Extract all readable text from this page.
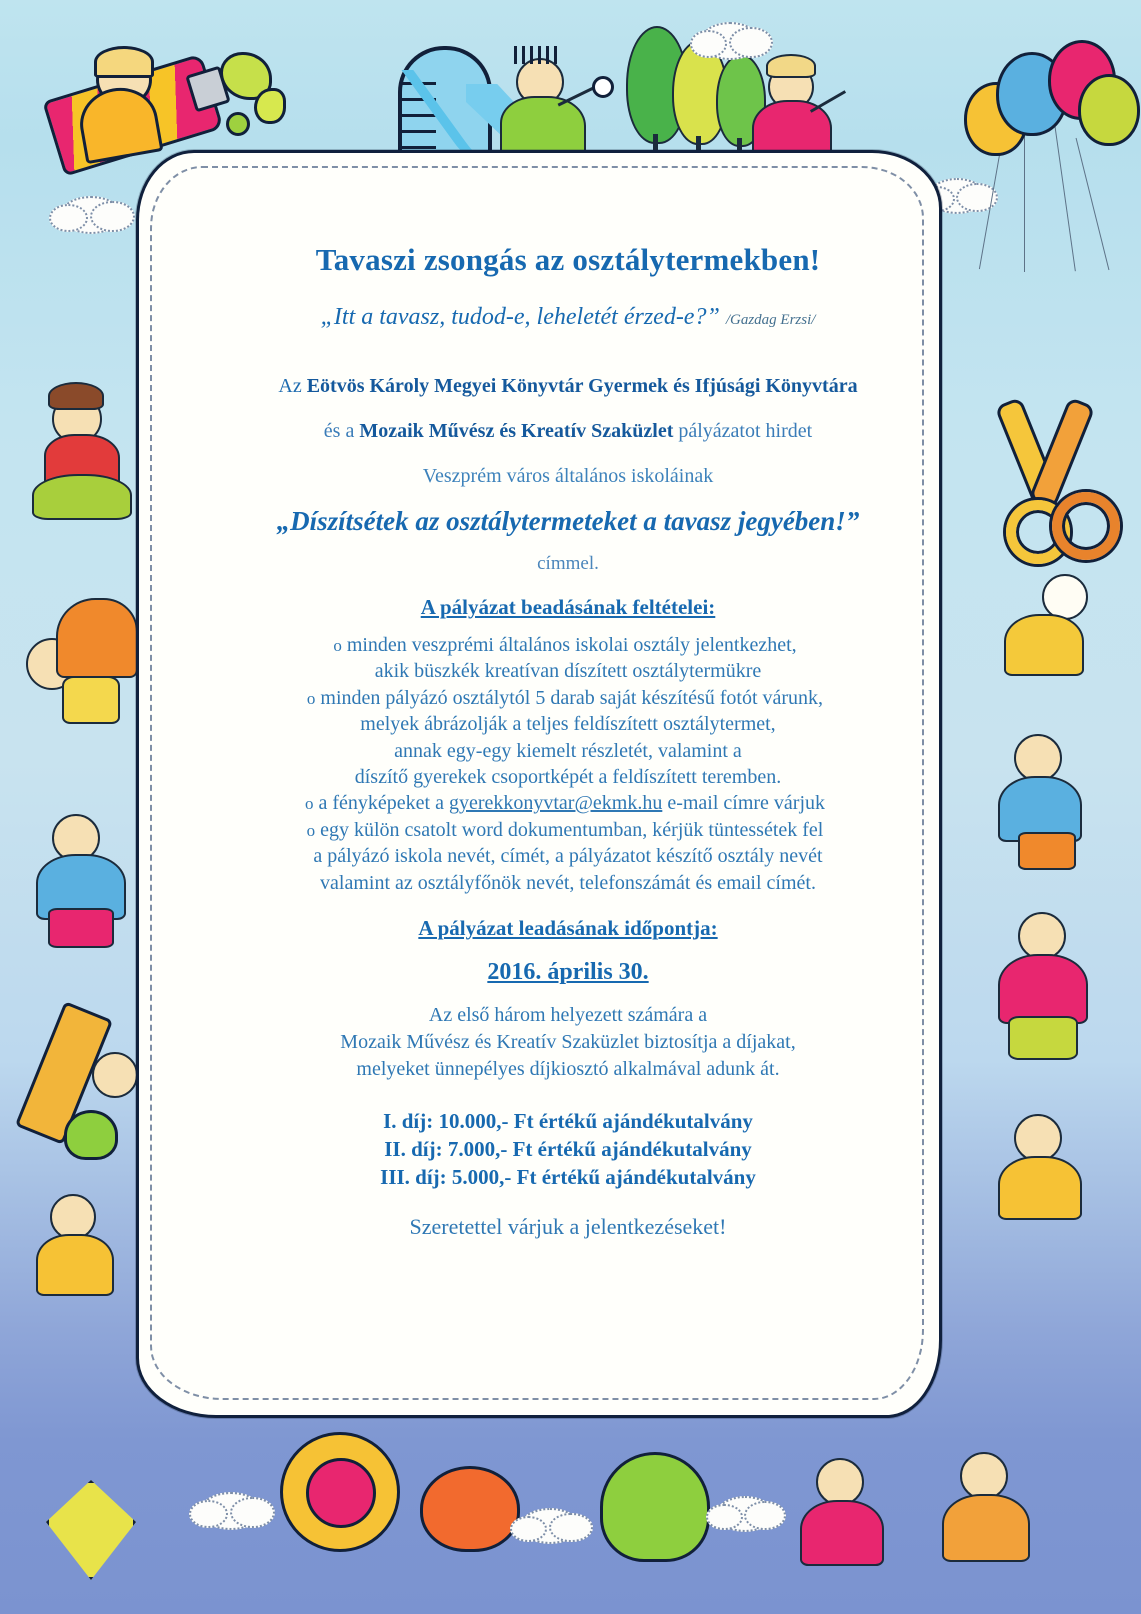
Tavaszi zsongás az osztálytermekben!
„Itt a tavasz, tudod-e, leheletét érzed-e?” /Gazdag Erzsi/
Az Eötvös Károly Megyei Könyvtár Gyermek és Ifjúsági Könyvtára
és a Mozaik Művész és Kreatív Szaküzlet pályázatot hirdet
Veszprém város általános iskoláinak
„Díszítsétek az osztálytermeteket a tavasz jegyében!”
címmel.
A pályázat beadásának feltételei:
o minden veszprémi általános iskolai osztály jelentkezhet,
akik büszkék kreatívan díszített osztálytermükre
o minden pályázó osztálytól 5 darab saját készítésű fotót várunk,
melyek ábrázolják a teljes feldíszített osztálytermet,
annak egy-egy kiemelt részletét, valamint a
díszítő gyerekek csoportképét a feldíszített teremben.
o a fényképeket a gyerekkonyvtar@ekmk.hu e-mail címre várjuk
o egy külön csatolt word dokumentumban, kérjük tüntessétek fel
a pályázó iskola nevét, címét, a pályázatot készítő osztály nevét
valamint az osztályfőnök nevét, telefonszámát és email címét.
A pályázat leadásának időpontja:
2016. április 30.
Az első három helyezett számára a
Mozaik Művész és Kreatív Szaküzlet biztosítja a díjakat,
melyeket ünnepélyes díjkiosztó alkalmával adunk át.
I. díj: 10.000,- Ft értékű ajándékutalvány
II. díj: 7.000,- Ft értékű ajándékutalvány
III. díj: 5.000,- Ft értékű ajándékutalvány
Szeretettel várjuk a jelentkezéseket!
